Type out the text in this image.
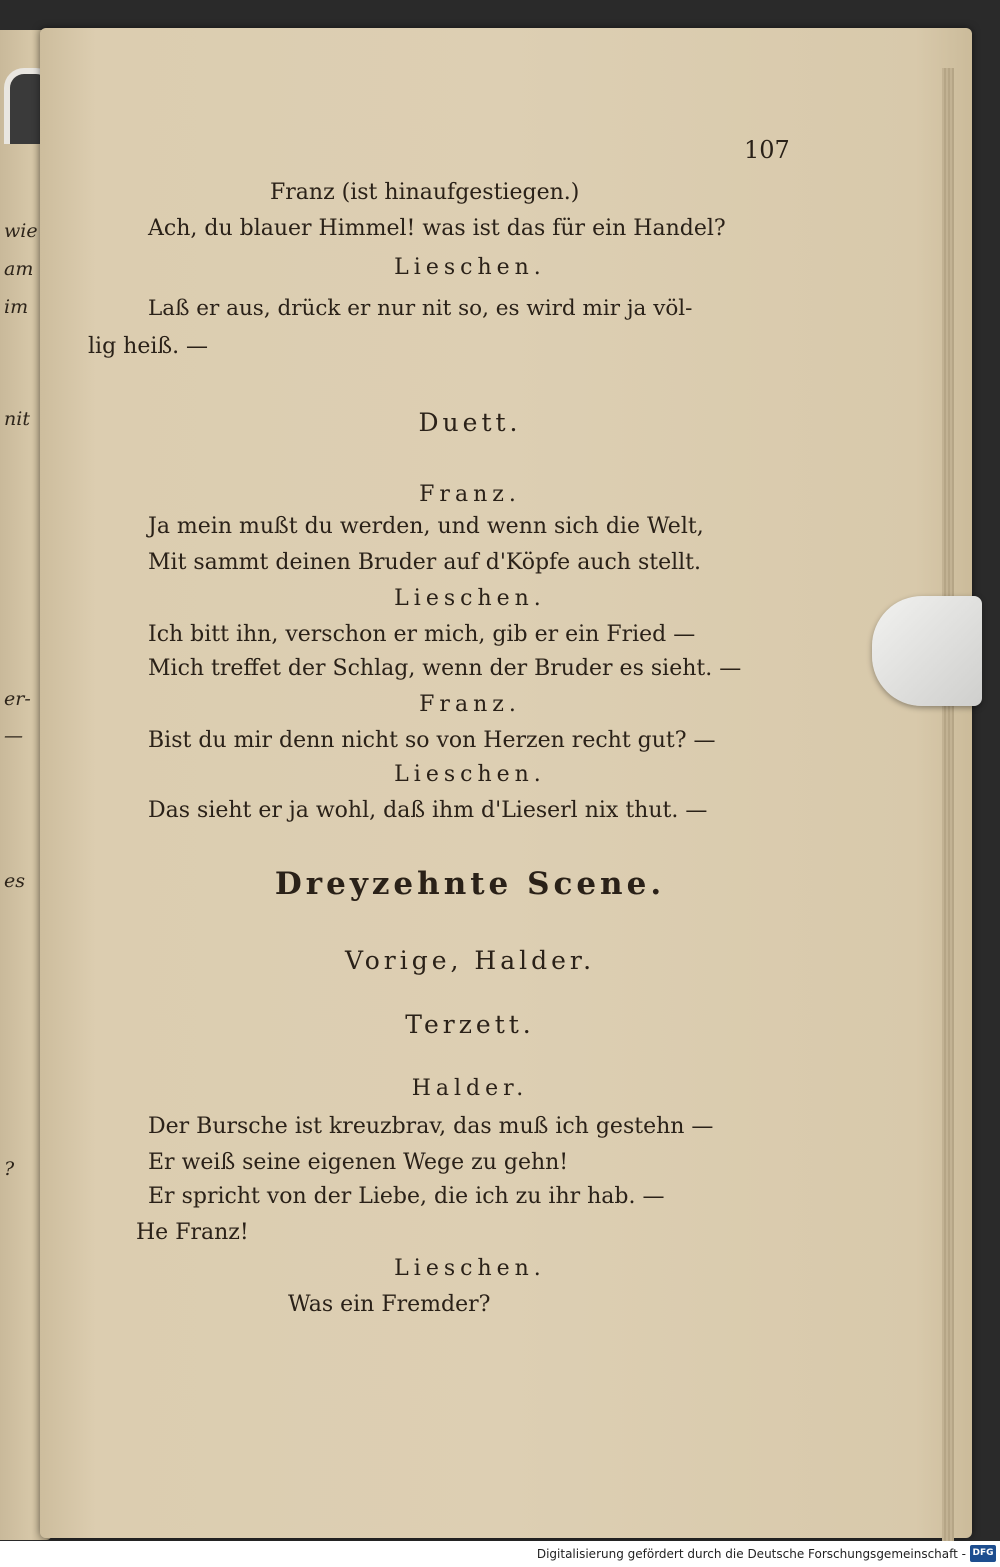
wie
am
im
nit
er-
—
es
?
107
Franz (ist hinaufgestiegen.)
Ach, du blauer Himmel! was ist das für ein Handel?
Lieschen.
Laß er aus, drück er nur nit so, es wird mir ja völ-
lig heiß. —
Duett.
Franz.
Ja mein mußt du werden, und wenn sich die Welt,
Mit sammt deinen Bruder auf d'Köpfe auch stellt.
Lieschen.
Ich bitt ihn, verschon er mich, gib er ein Fried —
Mich treffet der Schlag, wenn der Bruder es sieht. —
Franz.
Bist du mir denn nicht so von Herzen recht gut? —
Lieschen.
Das sieht er ja wohl, daß ihm d'Lieserl nix thut. —
Dreyzehnte Scene.
Vorige, Halder.
Terzett.
Halder.
Der Bursche ist kreuzbrav, das muß ich gestehn —
Er weiß seine eigenen Wege zu gehn!
Er spricht von der Liebe, die ich zu ihr hab. —
He Franz!
Lieschen.
Was ein Fremder?
Digitalisierung gefördert durch die Deutsche Forschungsgemeinschaft - DFG
